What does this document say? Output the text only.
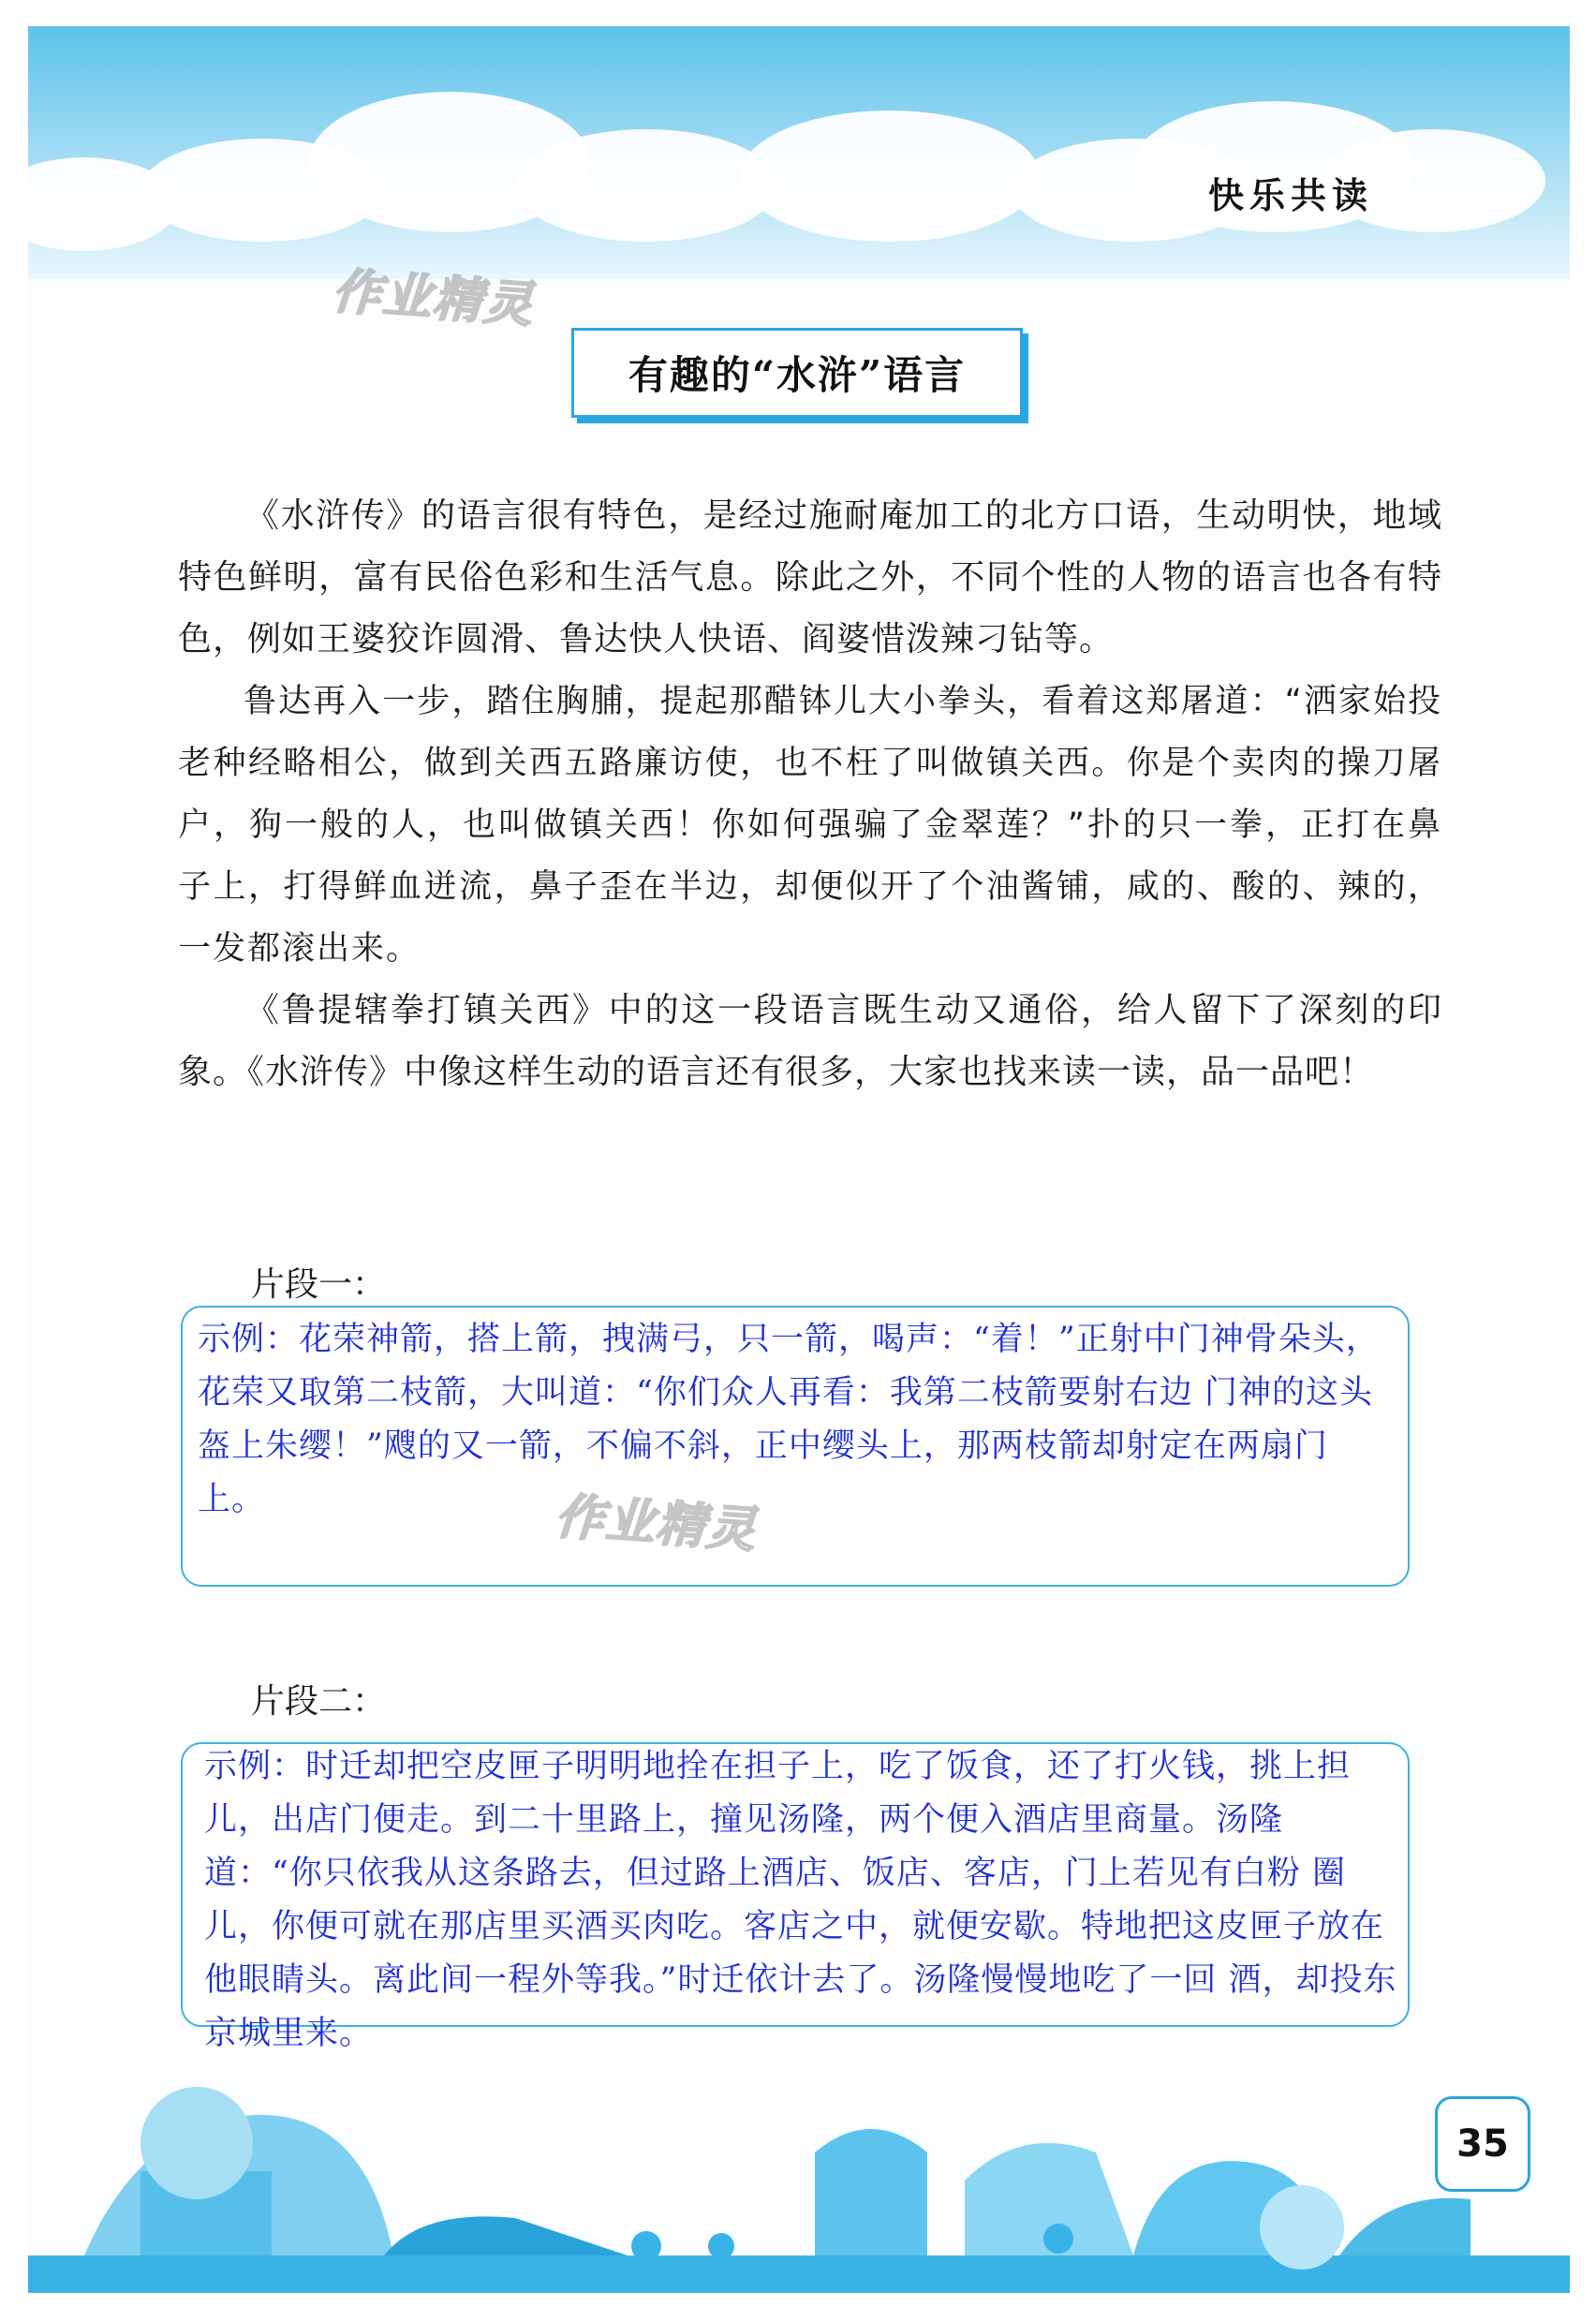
快乐共读
作业精灵
有趣的“水浒”语言

《水浒传》的语言很有特色，是经过施耐庵加工的北方口语，生动明快，地域特色鲜明，富有民俗色彩和生活气息。除此之外，不同个性的人物的语言也各有特色，例如王婆狡诈圆滑、鲁达快人快语、阎婆惜泼辣刁钻等。

鲁达再入一步，踏住胸脯，提起那醋钵儿大小拳头，看着这郑屠道：“洒家始投老种经略相公，做到关西五路廉访使，也不枉了叫做镇关西。你是个卖肉的操刀屠户，狗一般的人，也叫做镇关西！你如何强骗了金翠莲？”扑的只一拳，正打在鼻子上，打得鲜血迸流，鼻子歪在半边，却便似开了个油酱铺，咸的、酸的、辣的，一发都滚出来。

《鲁提辖拳打镇关西》中的这一段语言既生动又通俗，给人留下了深刻的印象。《水浒传》中像这样生动的语言还有很多，大家也找来读一读，品一品吧！

片段一：
示例：花荣神箭，搭上箭，拽满弓，只一箭，喝声：“着！”正射中门神骨朵头，花荣又取第二枝箭，大叫道：“你们众人再看：我第二枝箭要射右边 门神的这头盔上朱缨！”飕的又一箭，不偏不斜，正中缨头上，那两枝箭却射定在两扇门上。	作业精灵
片段二：
示例：时迁却把空皮匣子明明地拴在担子上，吃了饭食，还了打火钱，挑上担儿，出店门便走。到二十里路上，撞见汤隆，两个便入酒店里商量。汤隆道：“你只依我从这条路去，但过路上酒店、饭店、客店，门上若见有白粉 圈儿，你便可就在那店里买酒买肉吃。客店之中，就便安歇。特地把这皮匣子放在他眼睛头。离此间一程外等我。”时迁依计去了。汤隆慢慢地吃了一回 酒，却投东京城里来。
35
